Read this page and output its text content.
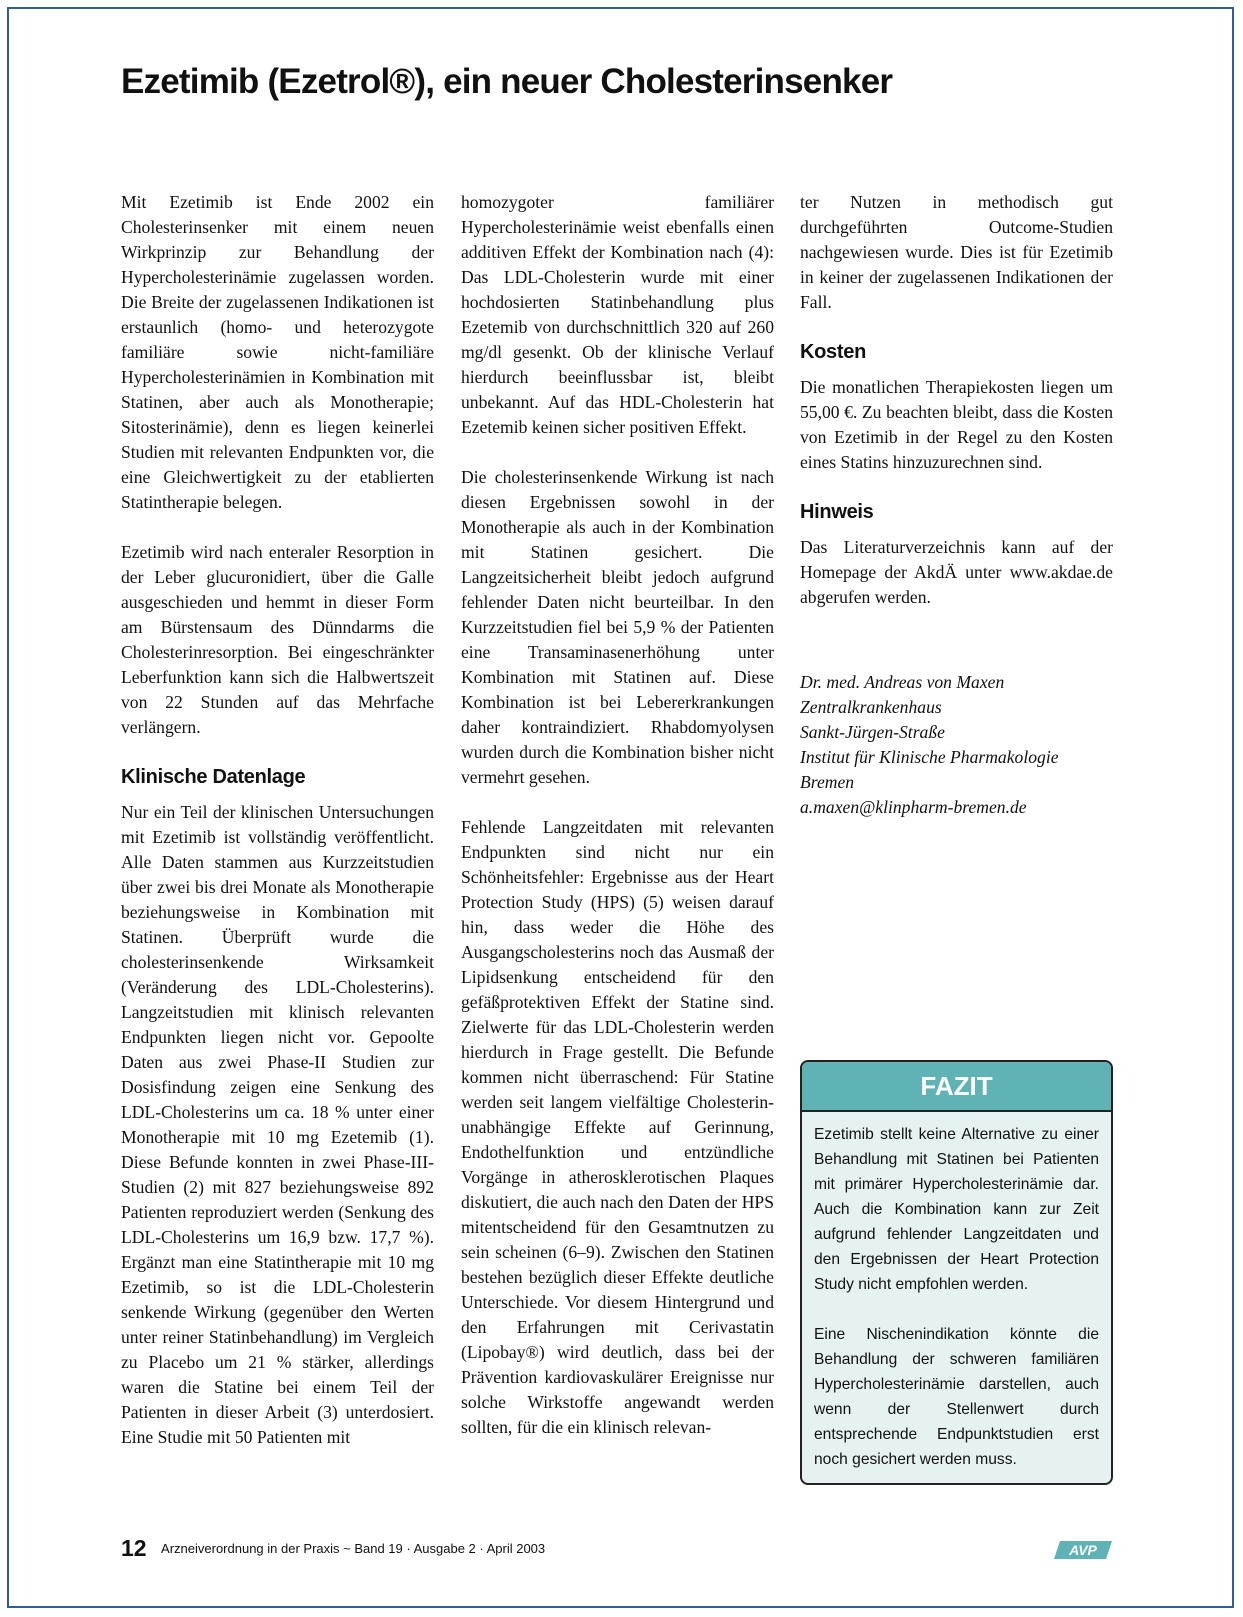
Ezetimib (Ezetrol®), ein neuer Cholesterinsenker

Mit Ezetimib ist Ende 2002 ein Cholesterinsenker mit einem neuen Wirkprinzip zur Behandlung der Hypercholesterinämie zugelassen worden. Die Breite der zugelassenen Indikationen ist erstaunlich (homo- und heterozygote familiäre sowie nicht-familiäre Hypercholesterinämien in Kombination mit Statinen, aber auch als Monotherapie; Sitosterinämie), denn es liegen keinerlei Studien mit relevanten Endpunkten vor, die eine Gleichwertigkeit zu der etablierten Statintherapie belegen.

Ezetimib wird nach enteraler Resorption in der Leber glucuronidiert, über die Galle ausgeschieden und hemmt in dieser Form am Bürstensaum des Dünndarms die Cholesterinresorption. Bei eingeschränkter Leberfunktion kann sich die Halbwertszeit von 22 Stunden auf das Mehrfache verlängern.

Klinische Datenlage

Nur ein Teil der klinischen Untersuchungen mit Ezetimib ist vollständig veröffentlicht. Alle Daten stammen aus Kurzzeitstudien über zwei bis drei Monate als Monotherapie beziehungsweise in Kombination mit Statinen. Überprüft wurde die cholesterinsenkende Wirksamkeit (Veränderung des LDL-Cholesterins). Langzeitstudien mit klinisch relevanten Endpunkten liegen nicht vor. Gepoolte Daten aus zwei Phase-II Studien zur Dosisfindung zeigen eine Senkung des LDL-Cholesterins um ca. 18 % unter einer Monotherapie mit 10 mg Ezetemib (1). Diese Befunde konnten in zwei Phase-III-Studien (2) mit 827 beziehungsweise 892 Patienten reproduziert werden (Senkung des LDL-Cholesterins um 16,9 bzw. 17,7 %). Ergänzt man eine Statintherapie mit 10 mg Ezetimib, so ist die LDL-Cholesterin senkende Wirkung (gegenüber den Werten unter reiner Statinbehandlung) im Vergleich zu Placebo um 21 % stärker, allerdings waren die Statine bei einem Teil der Patienten in dieser Arbeit (3) unterdosiert. Eine Studie mit 50 Patienten mit

homozygoter familiärer Hypercholesterinämie weist ebenfalls einen additiven Effekt der Kombination nach (4): Das LDL-Cholesterin wurde mit einer hochdosierten Statinbehandlung plus Ezetemib von durchschnittlich 320 auf 260 mg/dl gesenkt. Ob der klinische Verlauf hierdurch beeinflussbar ist, bleibt unbekannt. Auf das HDL-Cholesterin hat Ezetemib keinen sicher positiven Effekt.

Die cholesterinsenkende Wirkung ist nach diesen Ergebnissen sowohl in der Monotherapie als auch in der Kombination mit Statinen gesichert. Die Langzeitsicherheit bleibt jedoch aufgrund fehlender Daten nicht beurteilbar. In den Kurzzeitstudien fiel bei 5,9 % der Patienten eine Transaminasenerhöhung unter Kombination mit Statinen auf. Diese Kombination ist bei Lebererkrankungen daher kontraindiziert. Rhabdomyolysen wurden durch die Kombination bisher nicht vermehrt gesehen.

Fehlende Langzeitdaten mit relevanten Endpunkten sind nicht nur ein Schönheitsfehler: Ergebnisse aus der Heart Protection Study (HPS) (5) weisen darauf hin, dass weder die Höhe des Ausgangscholesterins noch das Ausmaß der Lipidsenkung entscheidend für den gefäßprotektiven Effekt der Statine sind. Zielwerte für das LDL-Cholesterin werden hierdurch in Frage gestellt. Die Befunde kommen nicht überraschend: Für Statine werden seit langem vielfältige Cholesterin-unabhängige Effekte auf Gerinnung, Endothelfunktion und entzündliche Vorgänge in atherosklerotischen Plaques diskutiert, die auch nach den Daten der HPS mitentscheidend für den Gesamtnutzen zu sein scheinen (6–9). Zwischen den Statinen bestehen bezüglich dieser Effekte deutliche Unterschiede. Vor diesem Hintergrund und den Erfahrungen mit Cerivastatin (Lipobay®) wird deutlich, dass bei der Prävention kardiovaskulärer Ereignisse nur solche Wirkstoffe angewandt werden sollten, für die ein klinisch relevan-

ter Nutzen in methodisch gut durchgeführten Outcome-Studien nachgewiesen wurde. Dies ist für Ezetimib in keiner der zugelassenen Indikationen der Fall.

Kosten

Die monatlichen Therapiekosten liegen um 55,00 €. Zu beachten bleibt, dass die Kosten von Ezetimib in der Regel zu den Kosten eines Statins hinzuzurechnen sind.

Hinweis

Das Literaturverzeichnis kann auf der Homepage der AkdÄ unter www.akdae.de abgerufen werden.

Dr. med. Andreas von Maxen
Zentralkrankenhaus
Sankt-Jürgen-Straße
Institut für Klinische Pharmakologie
Bremen
a.maxen@klinpharm-bremen.de
FAZIT

Ezetimib stellt keine Alternative zu einer Behandlung mit Statinen bei Patienten mit primärer Hypercholesterinämie dar. Auch die Kombination kann zur Zeit aufgrund fehlender Langzeitdaten und den Ergebnissen der Heart Protection Study nicht empfohlen werden.

Eine Nischenindikation könnte die Behandlung der schweren familiären Hypercholesterinämie darstellen, auch wenn der Stellenwert durch entsprechende Endpunktstudien erst noch gesichert werden muss.

12 Arzneiverordnung in der Praxis ~ Band 19 · Ausgabe 2 · April 2003	AVP
